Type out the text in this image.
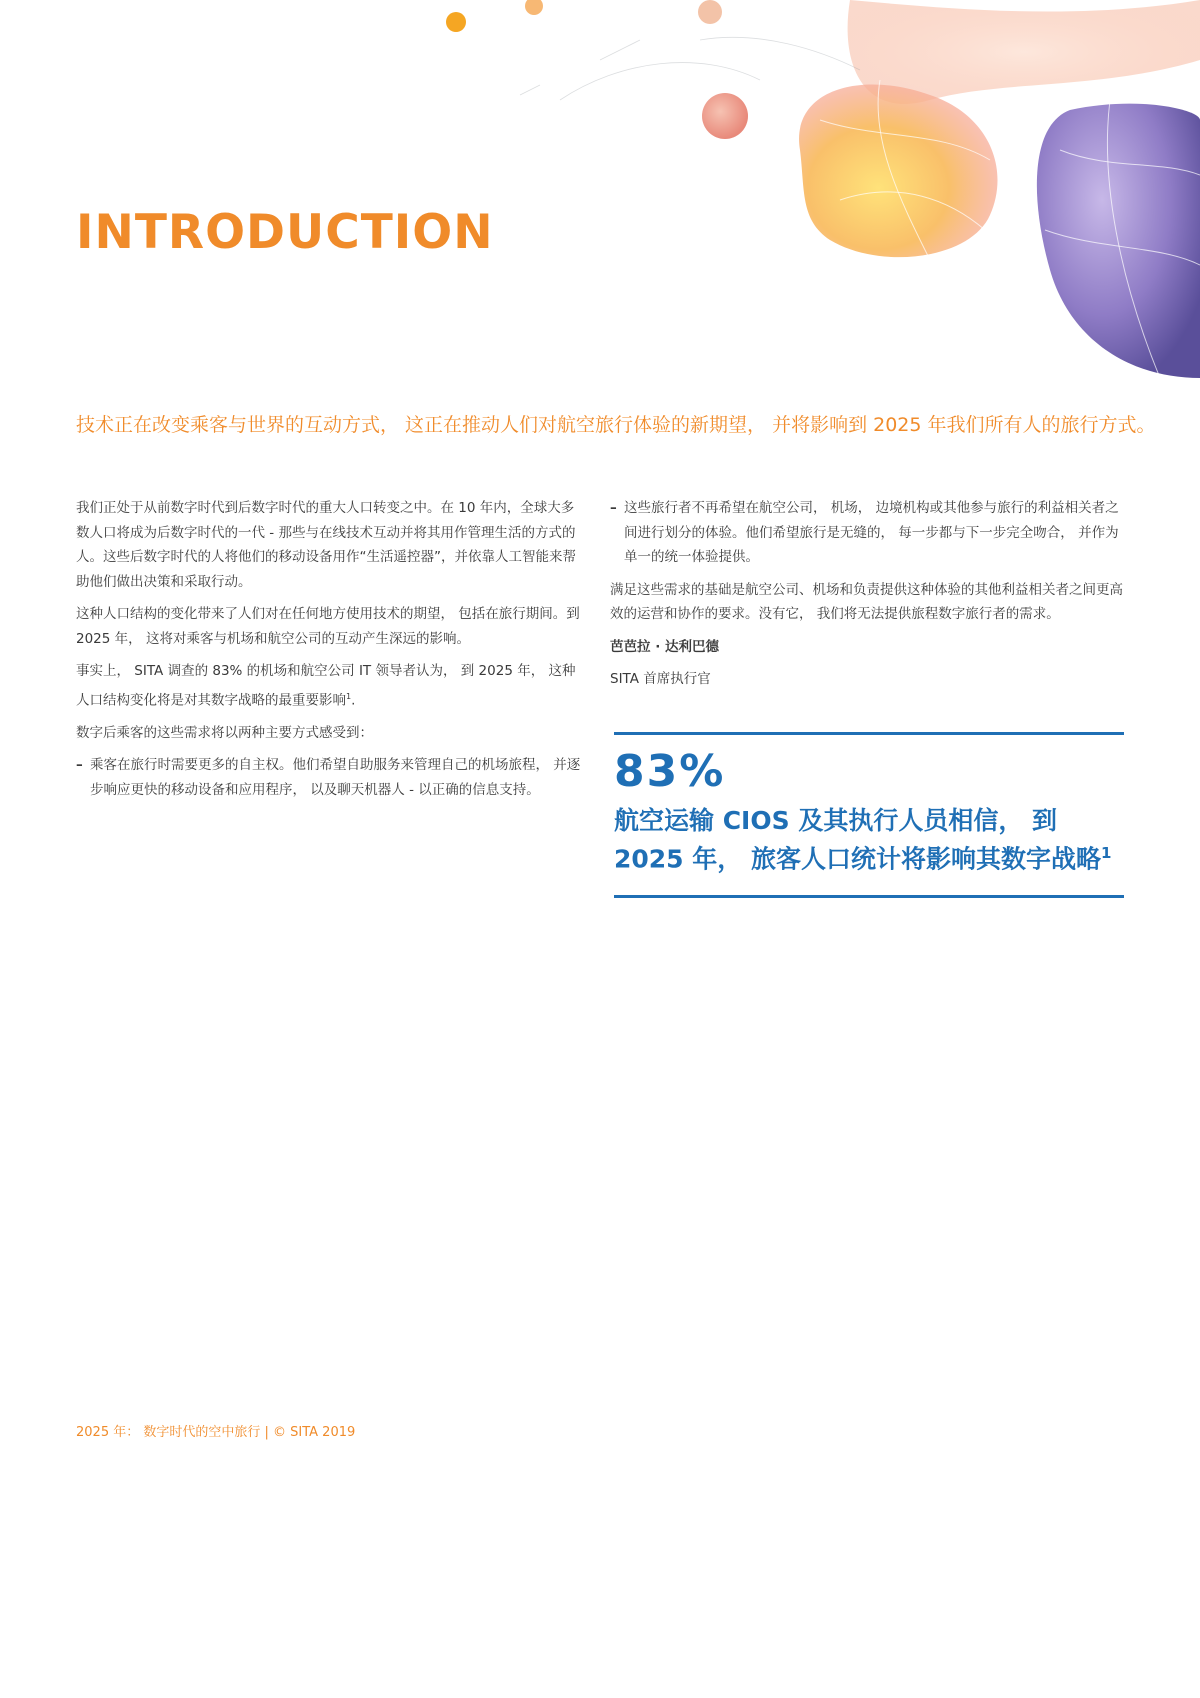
INTRODUCTION

技术正在改变乘客与世界的互动方式， 这正在推动人们对航空旅行体验的新期望， 并将影响到 2025 年我们所有人的旅行方式。

我们正处于从前数字时代到后数字时代的重大人口转变之中。在 10 年内，全球大多数人口将成为后数字时代的一代 - 那些与在线技术互动并将其用作管理生活的方式的人。这些后数字时代的人将他们的移动设备用作“生活遥控器”，并依靠人工智能来帮助他们做出决策和采取行动。

这种人口结构的变化带来了人们对在任何地方使用技术的期望， 包括在旅行期间。到 2025 年， 这将对乘客与机场和航空公司的互动产生深远的影响。

事实上， SITA 调查的 83% 的机场和航空公司 IT 领导者认为， 到 2025 年， 这种人口结构变化将是对其数字战略的最重要影响$^1$.

数字后乘客的这些需求将以两种主要方式感受到：

– 乘客在旅行时需要更多的自主权。他们希望自助服务来管理自己的机场旅程， 并逐步响应更快的移动设备和应用程序， 以及聊天机器人 - 以正确的信息支持。
– 这些旅行者不再希望在航空公司， 机场， 边境机构或其他参与旅行的利益相关者之间进行划分的体验。他们希望旅行是无缝的， 每一步都与下一步完全吻合， 并作为单一的统一体验提供。

满足这些需求的基础是航空公司、机场和负责提供这种体验的其他利益相关者之间更高效的运营和协作的要求。没有它， 我们将无法提供旅程数字旅行者的需求。

芭芭拉 · 达利巴德

SITA 首席执行官

83%
航空运输 CIOS 及其执行人员相信， 到 2025 年， 旅客人口统计将影响其数字战略$^1$
2025 年： 数字时代的空中旅行 | © SITA 2019
